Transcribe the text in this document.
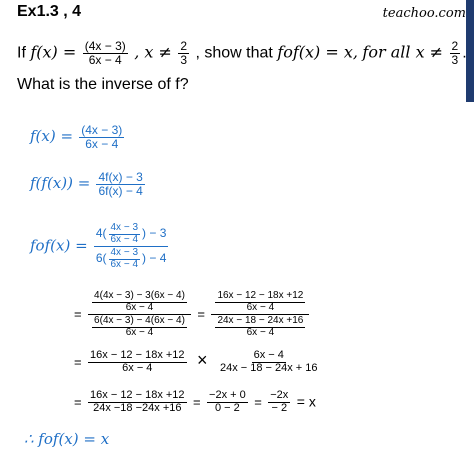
Ex1.3 , 4	teachoo.com
If $f(x) = \frac{(4x - 3)}{6x - 4}$ , $x \ne \frac{2}{3}$ , show that fof(x) = x, for all $x \ne \frac{2}{3}$ .
What is the inverse of f?
$f(x) = \frac{(4x - 3)}{6x - 4}$
$f(f(x)) = \frac{4f(x) - 3}{6f(x) - 4}$
$fof(x) = \frac{4( \frac{4x - 3}{6x - 4} ) - 3}{6( \frac{4x - 3}{6x - 4} ) - 4}$
= $\frac{\frac{4(4x - 3) - 3(6x - 4)}{6x - 4}}{\frac{6(4x - 3) - 4(6x - 4)}{6x - 4}} = \frac{\frac{16x - 12 - 18x +12}{6x - 4}}{\frac{24x - 18 - 24x +16}{6x - 4}}$
= $\frac{16x - 12 - 18x +12}{6x - 4} \times \frac{6x - 4}{24x - 18 - 24x + 16}$
= $\frac{16x - 12 - 18x +12}{24x -18 -24x +16} = \frac{-2x + 0}{0 - 2} = \frac{-2x}{- 2} = x$
∴ fof(x) = x
